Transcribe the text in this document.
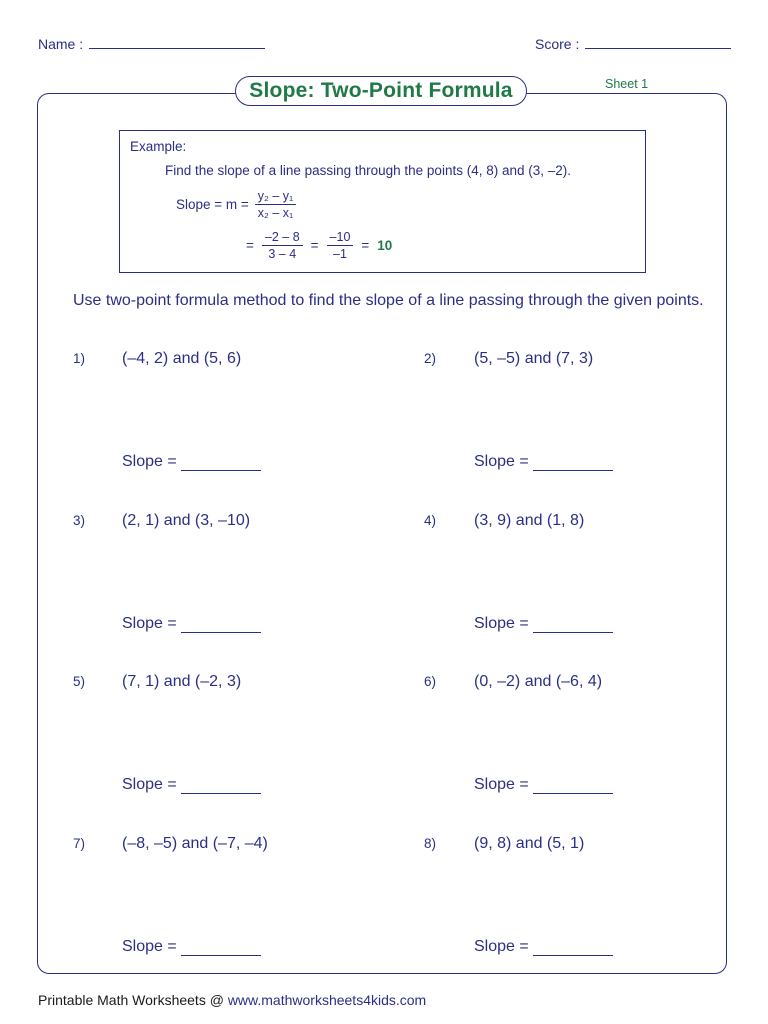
Name :	Score :
Slope: Two-Point Formula	Sheet 1
Example:
Find the slope of a line passing through the points (4, 8) and (3, –2).
Slope = $m = \frac{\text{y₂ – y₁}}{\text{x₂ – x₁}}$
= $\frac{-2 - 8}{3 - 4} = \frac{-10}{-1} = 10$
Use two-point formula method to find the slope of a line passing through the given points.
1) (–4, 2) and (5, 6)
Slope =
2) (5, –5) and (7, 3)
Slope =
3) (2, 1) and (3, –10)
Slope =
4) (3, 9) and (1, 8)
Slope =
5) (7, 1) and (–2, 3)
Slope =
6) (0, –2) and (–6, 4)
Slope =
7) (–8, –5) and (–7, –4)
Slope =
8) (9, 8) and (5, 1)
Slope =
Printable Math Worksheets @ www.mathworksheets4kids.com
